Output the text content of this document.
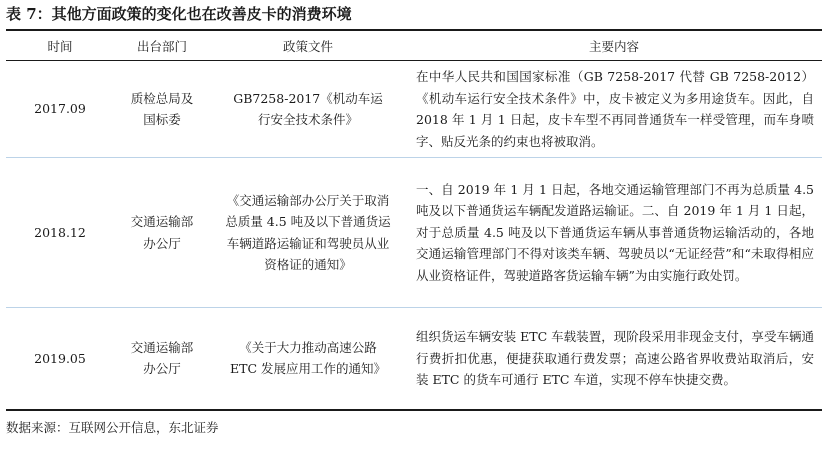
表 7：其他方面政策的变化也在改善皮卡的消费环境
时间	出台部门	政策文件	主要内容
2017.09	质检总局及国标委	GB7258-2017《机动车运行安全技术条件》	在中华人民共和国国家标准（GB 7258-2017 代替 GB 7258-2012）《机动车运行安全技术条件》中，皮卡被定义为多用途货车。因此，自 2018 年 1 月 1 日起，皮卡车型不再同普通货车一样受管理，而车身喷字、贴反光条的约束也将被取消。
2018.12	交通运输部办公厅	《交通运输部办公厅关于取消总质量 4.5 吨及以下普通货运车辆道路运输证和驾驶员从业资格证的通知》	一、自 2019 年 1 月 1 日起，各地交通运输管理部门不再为总质量 4.5 吨及以下普通货运车辆配发道路运输证。二、自 2019 年 1 月 1 日起，对于总质量 4.5 吨及以下普通货运车辆从事普通货物运输活动的，各地交通运输管理部门不得对该类车辆、驾驶员以“无证经营”和“未取得相应从业资格证件，驾驶道路客货运输车辆”为由实施行政处罚。
2019.05	交通运输部办公厅	《关于大力推动高速公路 ETC 发展应用工作的通知》	组织货运车辆安装 ETC 车载装置，现阶段采用非现金支付，享受车辆通行费折扣优惠，便捷获取通行费发票；高速公路省界收费站取消后，安装 ETC 的货车可通行 ETC 车道，实现不停车快捷交费。
数据来源：互联网公开信息，东北证券
